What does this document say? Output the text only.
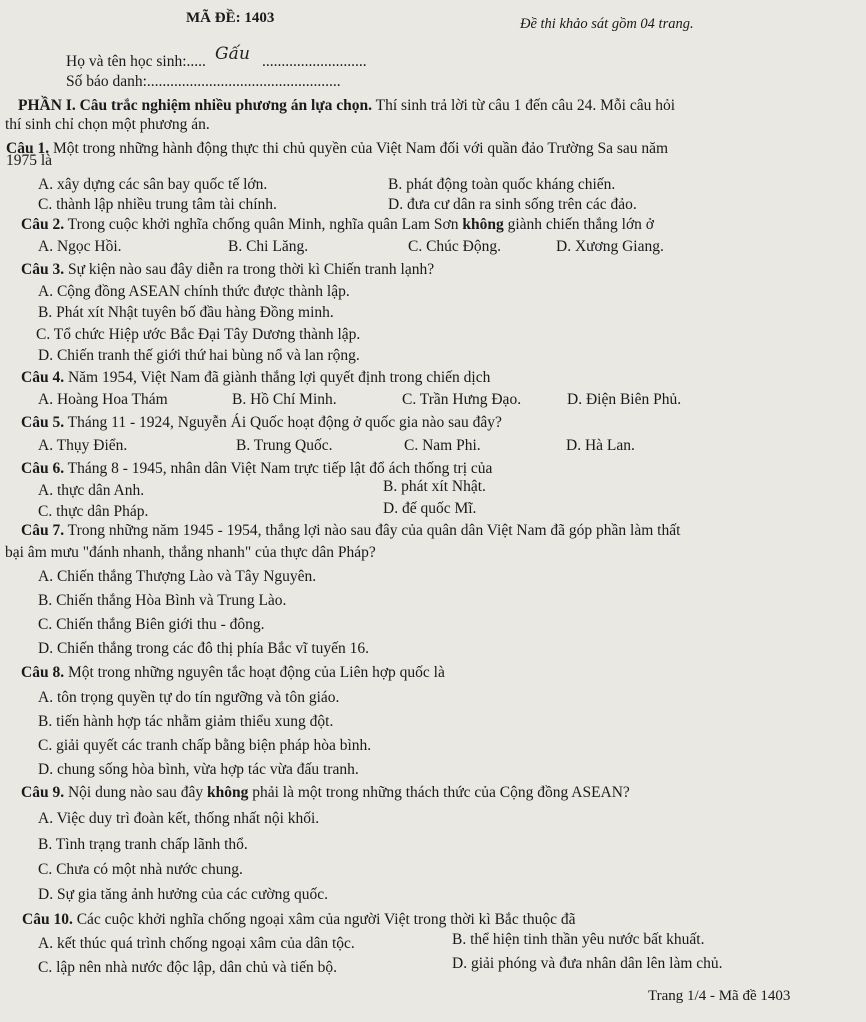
MÃ ĐỀ: 1403	Đề thi khảo sát gồm 04 trang.
Họ và tên học sinh:..... Gấu ...........................
Số báo danh:..................................................
PHẦN I. Câu trắc nghiệm nhiều phương án lựa chọn. Thí sinh trả lời từ câu 1 đến câu 24. Mỗi câu hỏi
thí sinh chỉ chọn một phương án.
Câu 1. Một trong những hành động thực thi chủ quyền của Việt Nam đối với quần đảo Trường Sa sau năm
1975 là
A. xây dựng các sân bay quốc tế lớn.	B. phát động toàn quốc kháng chiến.
C. thành lập nhiều trung tâm tài chính.	D. đưa cư dân ra sinh sống trên các đảo.
Câu 2. Trong cuộc khởi nghĩa chống quân Minh, nghĩa quân Lam Sơn không giành chiến thắng lớn ở
A. Ngọc Hồi.	B. Chi Lăng.	C. Chúc Động.	D. Xương Giang.
Câu 3. Sự kiện nào sau đây diễn ra trong thời kì Chiến tranh lạnh?
A. Cộng đồng ASEAN chính thức được thành lập.
B. Phát xít Nhật tuyên bố đầu hàng Đồng minh.
C. Tổ chức Hiệp ước Bắc Đại Tây Dương thành lập.
D. Chiến tranh thế giới thứ hai bùng nổ và lan rộng.
Câu 4. Năm 1954, Việt Nam đã giành thắng lợi quyết định trong chiến dịch
A. Hoàng Hoa Thám	B. Hồ Chí Minh.	C. Trần Hưng Đạo.	D. Điện Biên Phủ.
Câu 5. Tháng 11 - 1924, Nguyễn Ái Quốc hoạt động ở quốc gia nào sau đây?
A. Thụy Điển.	B. Trung Quốc.	C. Nam Phi.	D. Hà Lan.
Câu 6. Tháng 8 - 1945, nhân dân Việt Nam trực tiếp lật đổ ách thống trị của
A. thực dân Anh.	B. phát xít Nhật.
C. thực dân Pháp.	D. đế quốc Mĩ.
Câu 7. Trong những năm 1945 - 1954, thắng lợi nào sau đây của quân dân Việt Nam đã góp phần làm thất
bại âm mưu "đánh nhanh, thắng nhanh" của thực dân Pháp?
A. Chiến thắng Thượng Lào và Tây Nguyên.
B. Chiến thắng Hòa Bình và Trung Lào.
C. Chiến thắng Biên giới thu - đông.
D. Chiến thắng trong các đô thị phía Bắc vĩ tuyến 16.
Câu 8. Một trong những nguyên tắc hoạt động của Liên hợp quốc là
A. tôn trọng quyền tự do tín ngưỡng và tôn giáo.
B. tiến hành hợp tác nhằm giảm thiểu xung đột.
C. giải quyết các tranh chấp bằng biện pháp hòa bình.
D. chung sống hòa bình, vừa hợp tác vừa đấu tranh.
Câu 9. Nội dung nào sau đây không phải là một trong những thách thức của Cộng đồng ASEAN?
A. Việc duy trì đoàn kết, thống nhất nội khối.
B. Tình trạng tranh chấp lãnh thổ.
C. Chưa có một nhà nước chung.
D. Sự gia tăng ảnh hưởng của các cường quốc.
Câu 10. Các cuộc khởi nghĩa chống ngoại xâm của người Việt trong thời kì Bắc thuộc đã
A. kết thúc quá trình chống ngoại xâm của dân tộc.	B. thể hiện tinh thần yêu nước bất khuất.
C. lập nên nhà nước độc lập, dân chủ và tiến bộ.	D. giải phóng và đưa nhân dân lên làm chủ.
Trang 1/4 - Mã đề 1403
